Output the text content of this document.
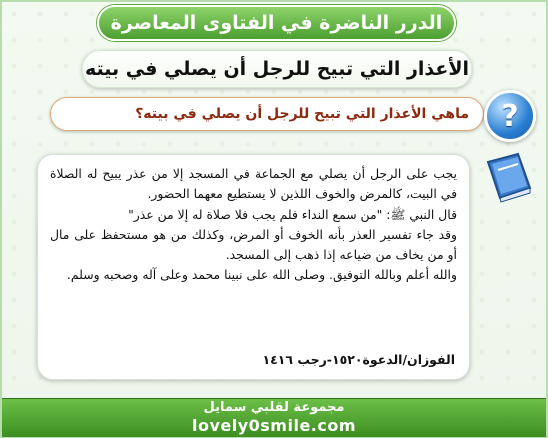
الدرر الناضرة في الفتاوى المعاصرة
الأعذار التي تبيح للرجل أن يصلي في بيته
ماهي الأعذار التي تبيح للرجل أن يصلي في بيته؟ ?

يجب على الرجل أن يصلي مع الجماعة في المسجد إلا من عذر يبيح له الصلاة في البيت، كالمرض والخوف اللذين لا يستطيع معهما الحضور.

قال النبي ﷺ: "من سمع النداء فلم يجب فلا صلاة له إلا من عذر"

وقد جاء تفسير العذر بأنه الخوف أو المرض، وكذلك من هو مستحفظ على مال أو من يخاف من ضياعه إذا ذهب إلى المسجد.

والله أعلم وبالله التوفيق. وصلى الله على نبينا محمد وعلى آله وصحبه وسلم.

الفوزان/الدعوة١٥٢٠-رجب ١٤١٦
مجموعة لقلبي سمايل
lovely0smile.com
